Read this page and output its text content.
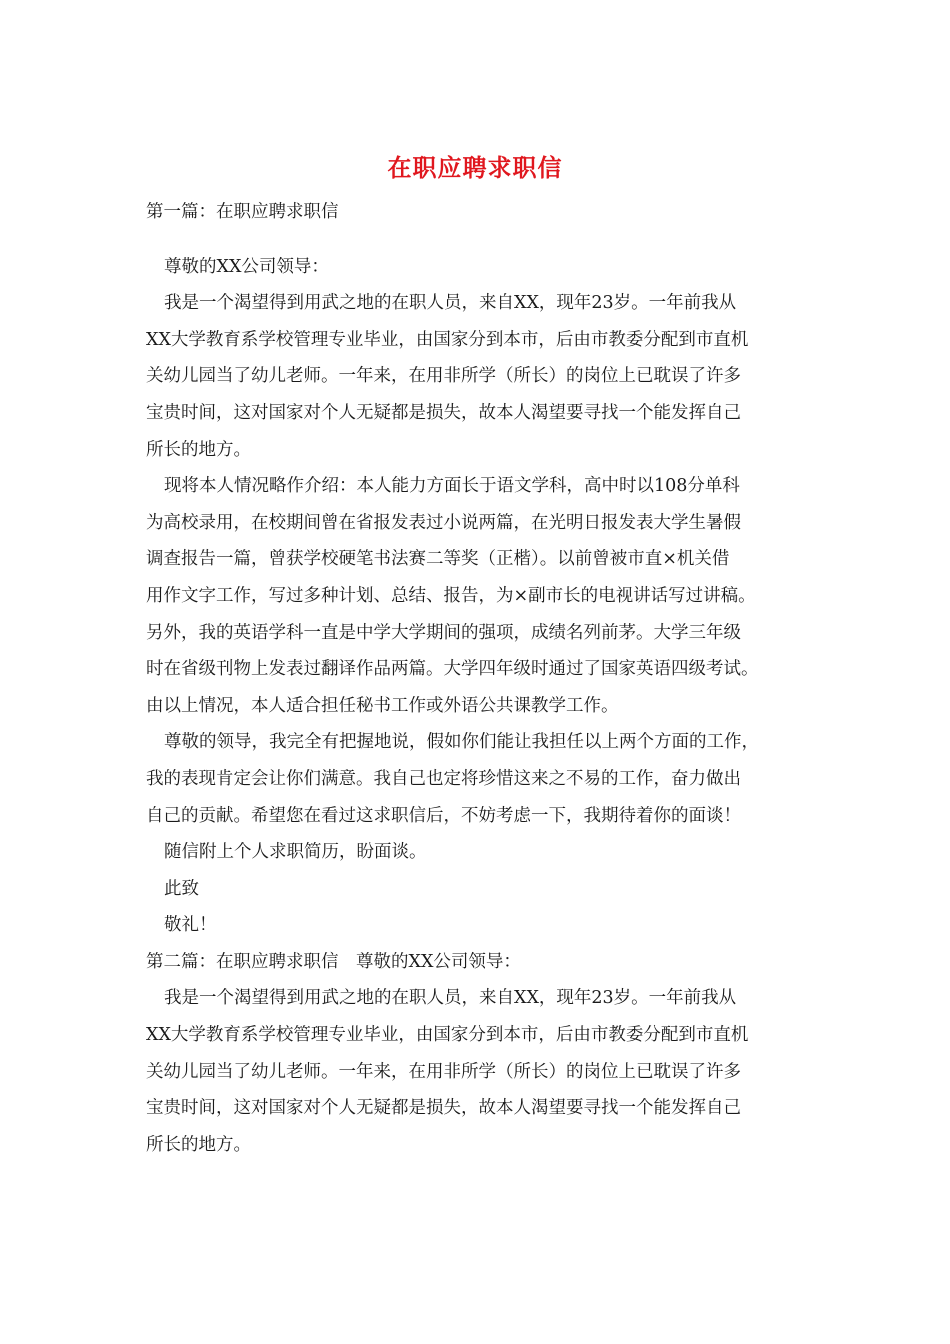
在职应聘求职信
第一篇：在职应聘求职信
尊敬的XX公司领导：
我是一个渴望得到用武之地的在职人员，来自XX，现年23岁。一年前我从
XX大学教育系学校管理专业毕业，由国家分到本市，后由市教委分配到市直机
关幼儿园当了幼儿老师。一年来，在用非所学（所长）的岗位上已耽误了许多
宝贵时间，这对国家对个人无疑都是损失，故本人渴望要寻找一个能发挥自己
所长的地方。
现将本人情况略作介绍：本人能力方面长于语文学科，高中时以108分单科
为高校录用，在校期间曾在省报发表过小说两篇，在光明日报发表大学生暑假
调查报告一篇，曾获学校硬笔书法赛二等奖（正楷）。以前曾被市直×机关借
用作文字工作，写过多种计划、总结、报告，为×副市长的电视讲话写过讲稿。
另外，我的英语学科一直是中学大学期间的强项，成绩名列前茅。大学三年级
时在省级刊物上发表过翻译作品两篇。大学四年级时通过了国家英语四级考试。
由以上情况，本人适合担任秘书工作或外语公共课教学工作。
尊敬的领导，我完全有把握地说，假如你们能让我担任以上两个方面的工作，
我的表现肯定会让你们满意。我自己也定将珍惜这来之不易的工作，奋力做出
自己的贡献。希望您在看过这求职信后，不妨考虑一下，我期待着你的面谈！
随信附上个人求职简历，盼面谈。
此致
敬礼！
第二篇：在职应聘求职信　尊敬的XX公司领导：
我是一个渴望得到用武之地的在职人员，来自XX，现年23岁。一年前我从
XX大学教育系学校管理专业毕业，由国家分到本市，后由市教委分配到市直机
关幼儿园当了幼儿老师。一年来，在用非所学（所长）的岗位上已耽误了许多
宝贵时间，这对国家对个人无疑都是损失，故本人渴望要寻找一个能发挥自己
所长的地方。
